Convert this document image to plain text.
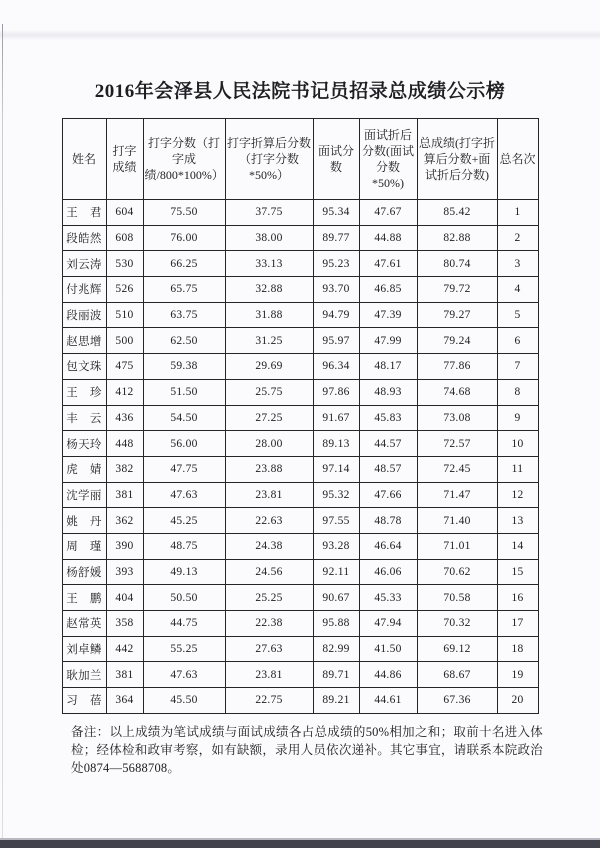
2016年会泽县人民法院书记员招录总成绩公示榜
姓名	打字成绩	打字分数（打字成绩/800*100%）	打字折算后分数（打字分数*50%）	面试分数	面试折后分数(面试分数*50%)	总成绩(打字折算后分数+面试折后分数)	总名次
王　君	604	75.50	37.75	95.34	47.67	85.42	1
段皓然	608	76.00	38.00	89.77	44.88	82.88	2
刘云涛	530	66.25	33.13	95.23	47.61	80.74	3
付兆辉	526	65.75	32.88	93.70	46.85	79.72	4
段丽波	510	63.75	31.88	94.79	47.39	79.27	5
赵思增	500	62.50	31.25	95.97	47.99	79.24	6
包文珠	475	59.38	29.69	96.34	48.17	77.86	7
王　珍	412	51.50	25.75	97.86	48.93	74.68	8
丰　云	436	54.50	27.25	91.67	45.83	73.08	9
杨天玲	448	56.00	28.00	89.13	44.57	72.57	10
虎　婧	382	47.75	23.88	97.14	48.57	72.45	11
沈学丽	381	47.63	23.81	95.32	47.66	71.47	12
姚　丹	362	45.25	22.63	97.55	48.78	71.40	13
周　瑾	390	48.75	24.38	93.28	46.64	71.01	14
杨舒媛	393	49.13	24.56	92.11	46.06	70.62	15
王　鹏	404	50.50	25.25	90.67	45.33	70.58	16
赵常英	358	44.75	22.38	95.88	47.94	70.32	17
刘卓鳞	442	55.25	27.63	82.99	41.50	69.12	18
耿加兰	381	47.63	23.81	89.71	44.86	68.67	19
习　蓓	364	45.50	22.75	89.21	44.61	67.36	20

备注：以上成绩为笔试成绩与面试成绩各占总成绩的50%相加之和；取前十名进入体检；经体检和政审考察，如有缺额，录用人员依次递补。其它事宜，请联系本院政治处0874—5688708。
